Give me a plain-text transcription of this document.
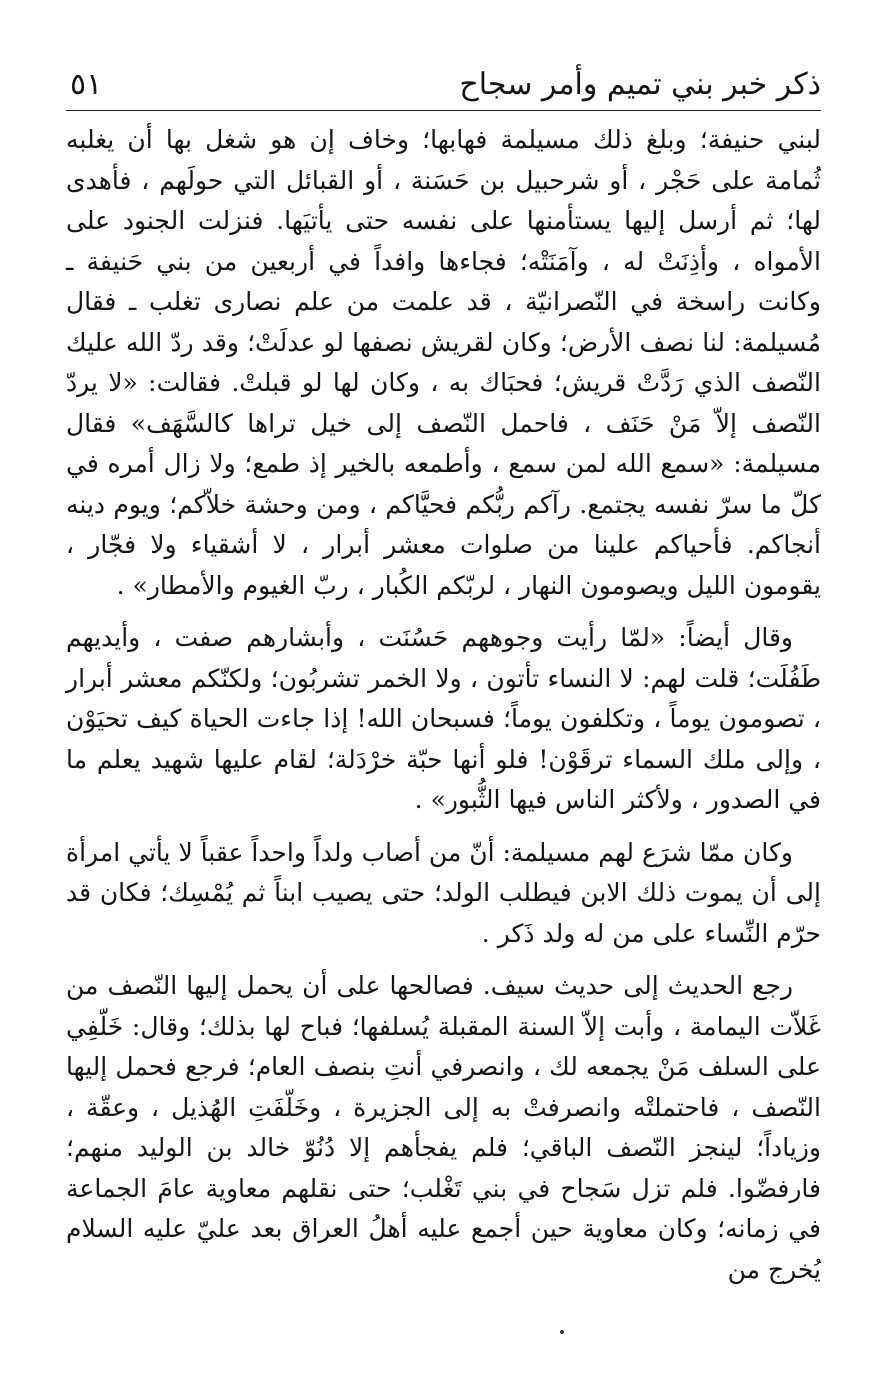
ذكر خبر بني تميم وأمر سجاح
٥١

لبني حنيفة؛ وبلغ ذلك مسيلمة فهابها؛ وخاف إن هو شغل بها أن يغلبه ثُمامة على حَجْر ، أو شرحبيل بن حَسَنة ، أو القبائل التي حولَهم ، فأهدى لها؛ ثم أرسل إليها يستأمنها على نفسه حتى يأتيَها. فنزلت الجنود على الأمواه ، وأذِنَتْ له ، وآمَنَتْه؛ فجاءها وافداً في أربعين من بني حَنيفة ـ وكانت راسخة في النّصرانيّة ، قد علمت من علم نصارى تغلب ـ فقال مُسيلمة: لنا نصف الأرض؛ وكان لقريش نصفها لو عدلَتْ؛ وقد ردّ الله عليك النّصف الذي رَدَّتْ قريش؛ فحبَاك به ، وكان لها لو قبلتْ. فقالت: «لا يردّ النّصف إلاّ مَنْ حَنَف ، فاحمل النّصف إلى خيل تراها كالسَّهَف» فقال مسيلمة: «سمع الله لمن سمع ، وأطمعه بالخير إذ طمع؛ ولا زال أمره في كلّ ما سرّ نفسه يجتمع. رآكم ربُّكم فحيَّاكم ، ومن وحشة خلاّكم؛ ويوم دينه أنجاكم. فأحياكم علينا من صلوات معشر أبرار ، لا أشقياء ولا فجّار ، يقومون الليل ويصومون النهار ، لربّكم الكُبار ، ربّ الغيوم والأمطار» .

وقال أيضاً: «لمّا رأيت وجوههم حَسُنَت ، وأبشارهم صفت ، وأيديهم طَفُلَت؛ قلت لهم: لا النساء تأتون ، ولا الخمر تشربُون؛ ولكنّكم معشر أبرار ، تصومون يوماً ، وتكلفون يوماً؛ فسبحان الله! إذا جاءت الحياة كيف تحيَوْن ، وإلى ملك السماء ترقَوْن! فلو أنها حبّة خرْدَلة؛ لقام عليها شهيد يعلم ما في الصدور ، ولأكثر الناس فيها الثُّبور» .

وكان ممّا شرَع لهم مسيلمة: أنّ من أصاب ولداً واحداً عقباً لا يأتي امرأة إلى أن يموت ذلك الابن فيطلب الولد؛ حتى يصيب ابناً ثم يُمْسِك؛ فكان قد حرّم النِّساء على من له ولد ذَكر .

رجع الحديث إلى حديث سيف. فصالحها على أن يحمل إليها النّصف من غَلاّت اليمامة ، وأبت إلاّ السنة المقبلة يُسلفها؛ فباح لها بذلك؛ وقال: خَلّفِي على السلف مَنْ يجمعه لك ، وانصرفي أنتِ بنصف العام؛ فرجع فحمل إليها النّصف ، فاحتملتْه وانصرفتْ به إلى الجزيرة ، وخَلّفَتِ الهُذيل ، وعقّة ، وزياداً؛ لينجز النّصف الباقي؛ فلم يفجأهم إلا دُنُوّ خالد بن الوليد منهم؛ فارفضّوا. فلم تزل سَجاح في بني تَغْلب؛ حتى نقلهم معاوية عامَ الجماعة في زمانه؛ وكان معاوية حين أجمع عليه أهلُ العراق بعد عليّ عليه السلام يُخرج من
